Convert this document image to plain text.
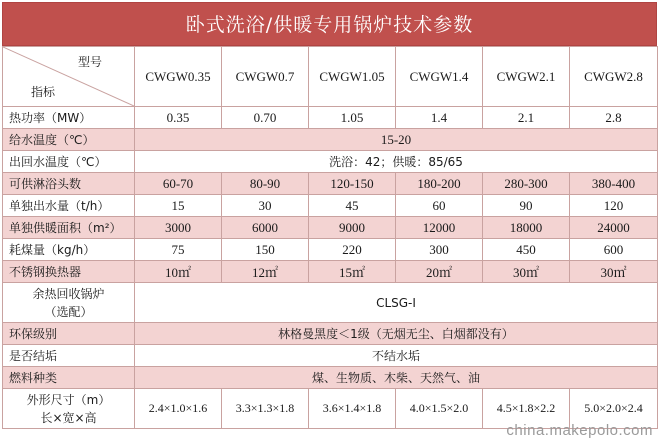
卧式洗浴/供暖专用锅炉技术参数
型号
指标	CWGW0.35	CWGW0.7	CWGW1.05	CWGW1.4	CWGW2.1	CWGW2.8
热功率（MW）	0.35	0.70	1.05	1.4	2.1	2.8
给水温度（℃）	15-20					
出回水温度（℃）	洗浴：42；供暖：85/65					
可供淋浴头数	60-70	80-90	120-150	180-200	280-300	380-400
单独出水量（t/h）	15	30	45	60	90	120
单独供暖面积（m²）	3000	6000	9000	12000	18000	24000
耗煤量（kg/h）	75	150	220	300	450	600
不锈钢换热器	10㎡	12㎡	15㎡	20㎡	30㎡	30㎡

余热回收锅炉
（选配）	CLSG-I					
环保级别	林格曼黑度＜1级（无烟无尘、白烟都没有）					
是否结垢	不结水垢					
燃料种类	煤、生物质、木柴、天然气、油					

外形尺寸（m）
长×宽×高	2.4×1.0×1.6	3.3×1.3×1.8	3.6×1.4×1.8	4.0×1.5×2.0	4.5×1.8×2.2	5.0×2.0×2.4
china.makepolo.com
